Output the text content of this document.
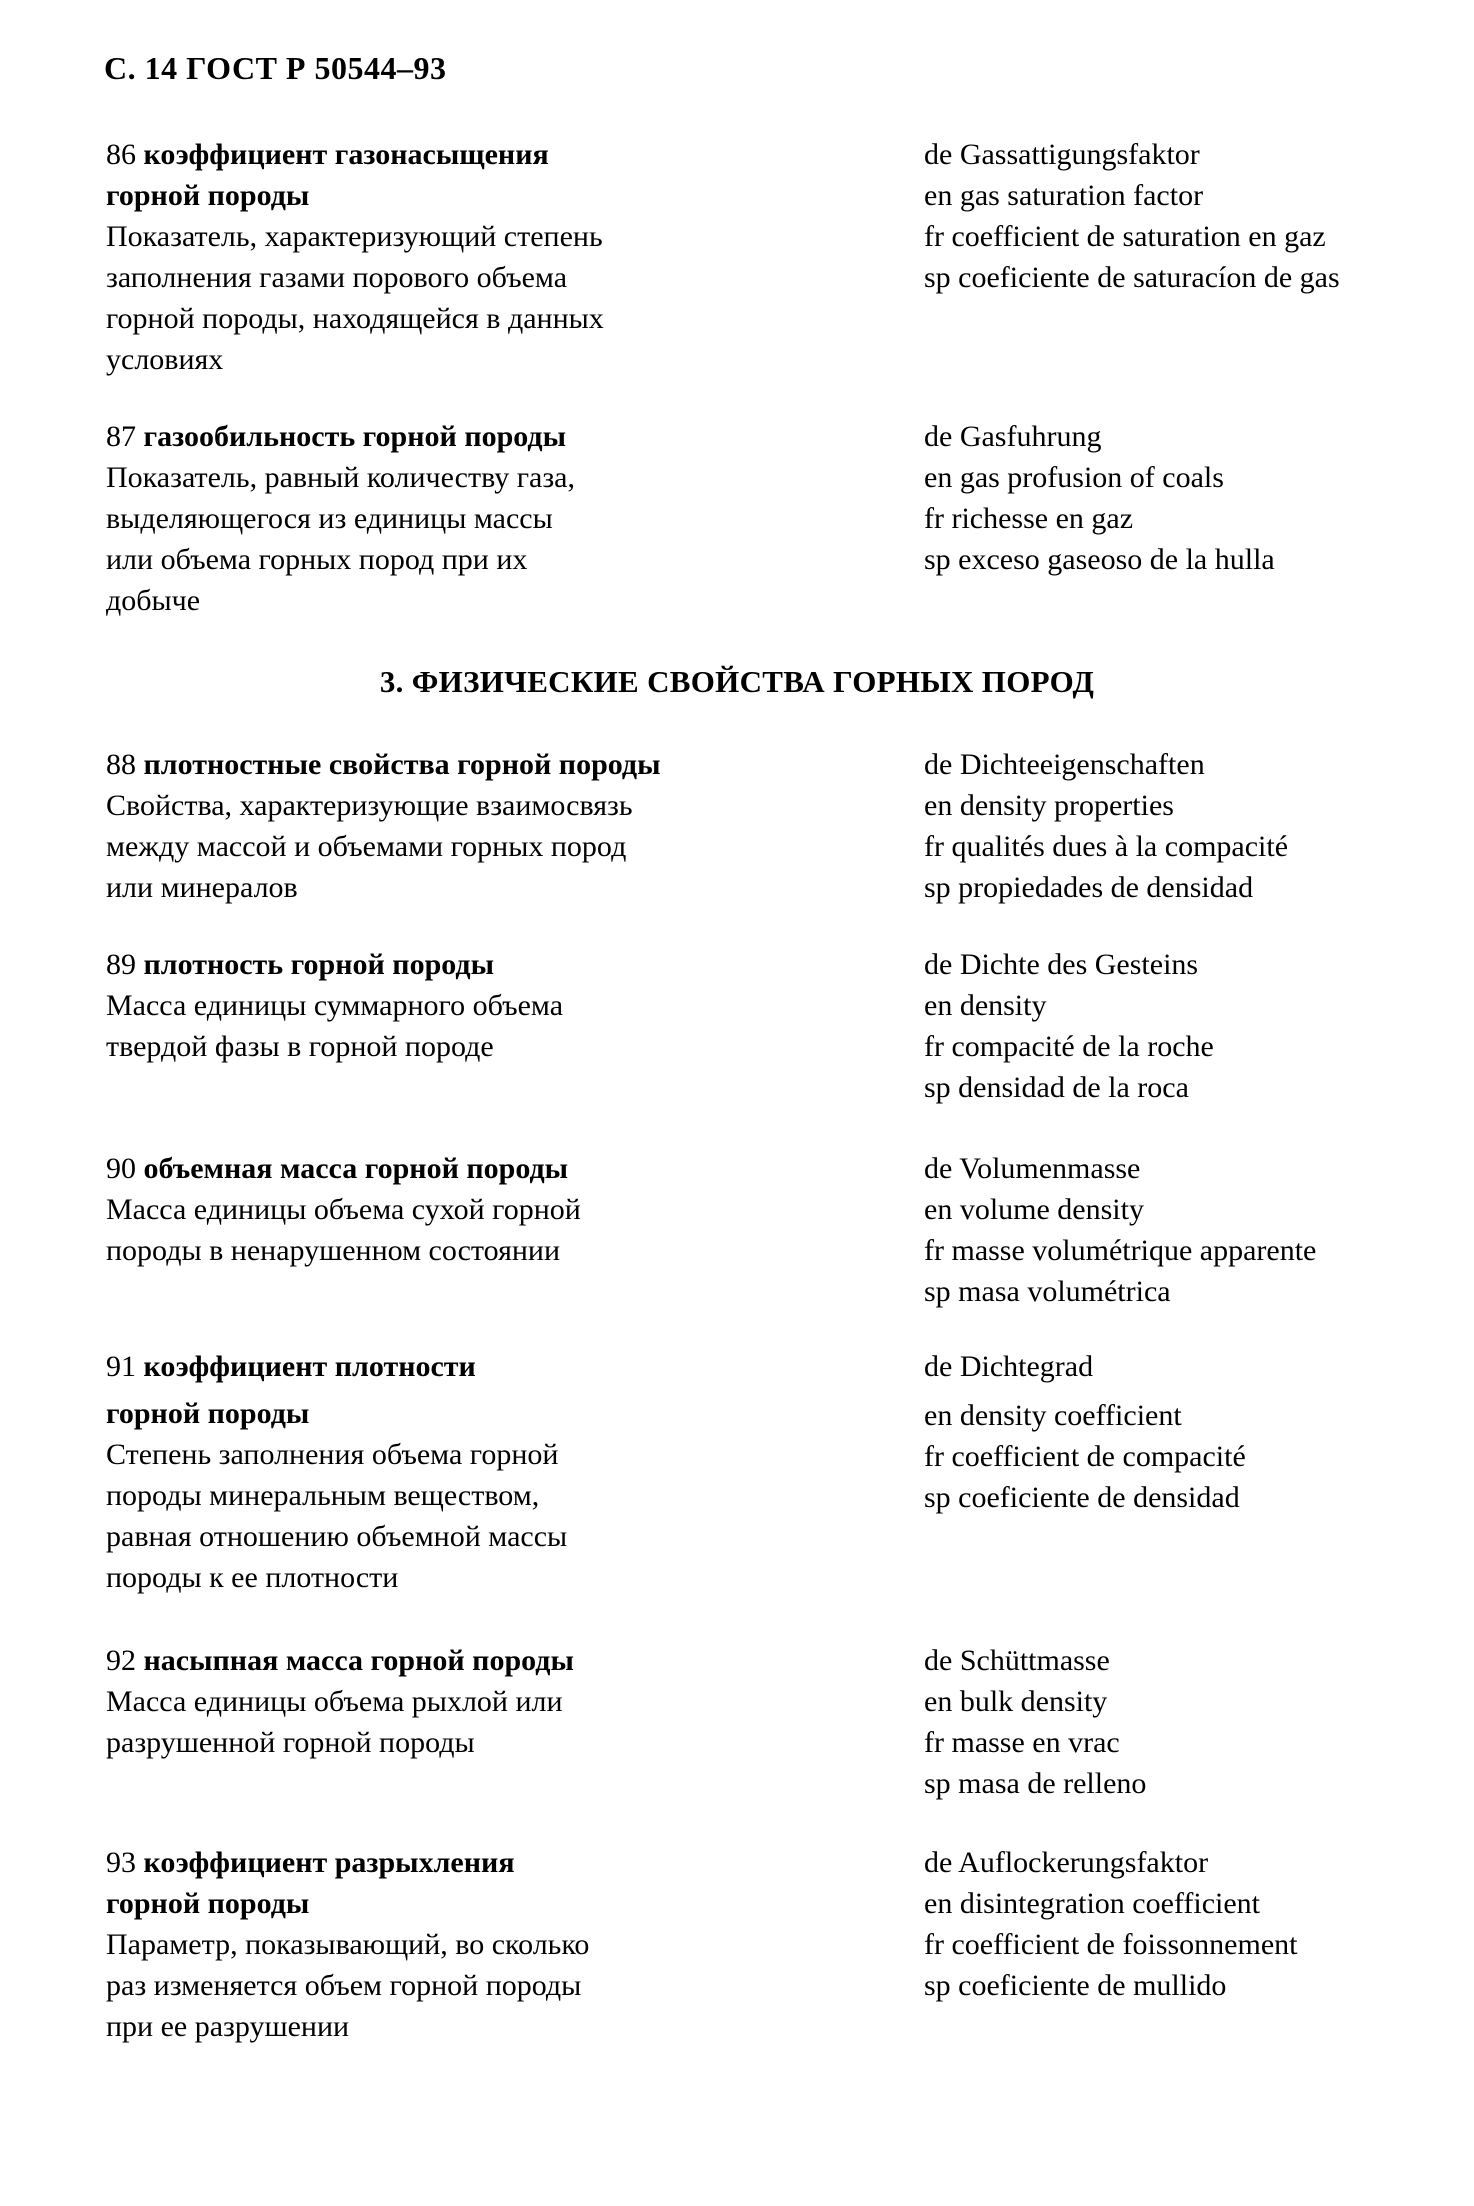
С. 14 ГОСТ Р 50544–93
86 коэффициент газонасыщения
горной породы
Показатель, характеризующий степень
заполнения газами порового объема
горной породы, находящейся в данных
условиях
de Gassattigungsfaktor
en gas saturation factor
fr coefficient de saturation en gaz
sp coeficiente de saturacíon de gas
87 газообильность горной породы
Показатель, равный количеству газа,
выделяющегося из единицы массы
или объема горных пород при их
добыче
de Gasfuhrung
en gas profusion of coals
fr richesse en gaz
sp exceso gaseoso de la hulla
3. ФИЗИЧЕСКИЕ СВОЙСТВА ГОРНЫХ ПОРОД
88 плотностные свойства горной породы
Свойства, характеризующие взаимосвязь
между массой и объемами горных пород
или минералов
de Dichteeigenschaften
en density properties
fr qualités dues à la compacité
sp propiedades de densidad
89 плотность горной породы
Масса единицы суммарного объема
твердой фазы в горной породе
de Dichte des Gesteins
en density
fr compacité de la roche
sp densidad de la roca
90 объемная масса горной породы
Масса единицы объема сухой горной
породы в ненарушенном состоянии
de Volumenmasse
en volume density
fr masse volumétrique apparente
sp masa volumétrica
91 коэффициент плотности
горной породы
Степень заполнения объема горной
породы минеральным веществом,
равная отношению объемной массы
породы к ее плотности
de Dichtegrad
en density coefficient
fr coefficient de compacité
sp coeficiente de densidad
92 насыпная масса горной породы
Масса единицы объема рыхлой или
разрушенной горной породы
de Schüttmasse
en bulk density
fr masse en vrac
sp masa de relleno
93 коэффициент разрыхления
горной породы
Параметр, показывающий, во сколько
раз изменяется объем горной породы
при ее разрушении
de Auflockerungsfaktor
en disintegration coefficient
fr coefficient de foissonnement
sp coeficiente de mullido
